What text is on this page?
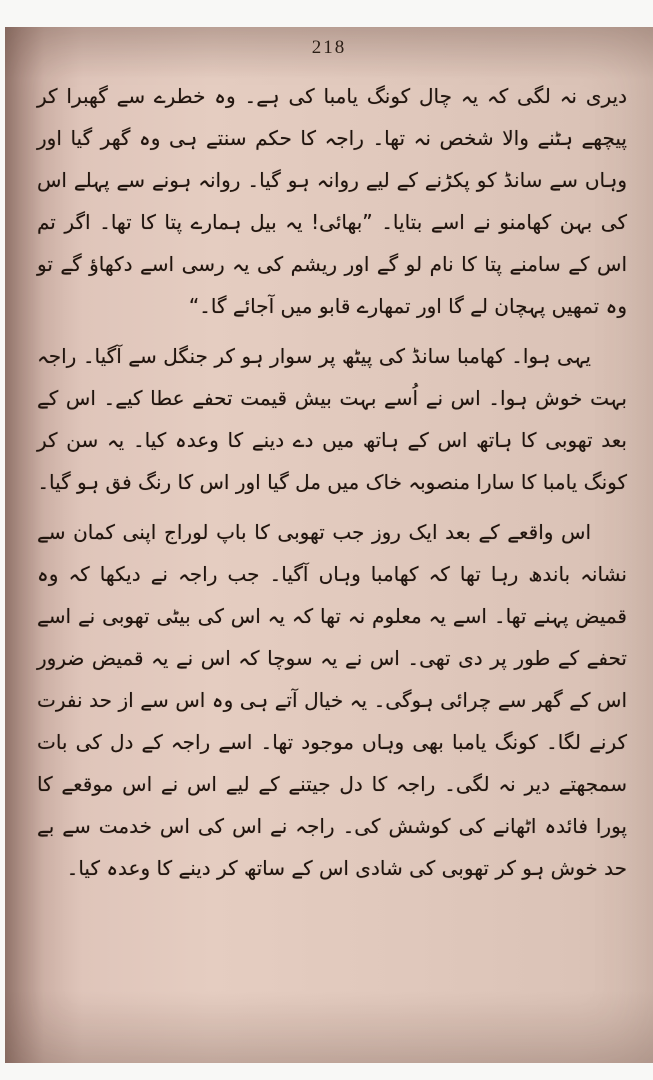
218

دیری نہ لگی کہ یہ چال کونگ یامبا کی ہے۔ وہ خطرے سے گھبرا کر پیچھے ہٹنے والا شخص نہ تھا۔ راجہ کا حکم سنتے ہی وہ گھر گیا اور وہاں سے سانڈ کو پکڑنے کے لیے روانہ ہو گیا۔ روانہ ہونے سے پہلے اس کی بہن کھامنو نے اسے بتایا۔ ”بھائی! یہ بیل ہمارے پتا کا تھا۔ اگر تم اس کے سامنے پتا کا نام لو گے اور ریشم کی یہ رسی اسے دکھاؤ گے تو وہ تمھیں پہچان لے گا اور تمھارے قابو میں آجائے گا۔“

یہی ہوا۔ کھامبا سانڈ کی پیٹھ پر سوار ہو کر جنگل سے آگیا۔ راجہ بہت خوش ہوا۔ اس نے اُسے بہت بیش قیمت تحفے عطا کیے۔ اس کے بعد تھوبی کا ہاتھ اس کے ہاتھ میں دے دینے کا وعدہ کیا۔ یہ سن کر کونگ یامبا کا سارا منصوبہ خاک میں مل گیا اور اس کا رنگ فق ہو گیا۔

اس واقعے کے بعد ایک روز جب تھوبی کا باپ لوراج اپنی کمان سے نشانہ باندھ رہا تھا کہ کھامبا وہاں آگیا۔ جب راجہ نے دیکھا کہ وہ قمیض پہنے تھا۔ اسے یہ معلوم نہ تھا کہ یہ اس کی بیٹی تھوبی نے اسے تحفے کے طور پر دی تھی۔ اس نے یہ سوچا کہ اس نے یہ قمیض ضرور اس کے گھر سے چرائی ہوگی۔ یہ خیال آتے ہی وہ اس سے از حد نفرت کرنے لگا۔ کونگ یامبا بھی وہاں موجود تھا۔ اسے راجہ کے دل کی بات سمجھتے دیر نہ لگی۔ راجہ کا دل جیتنے کے لیے اس نے اس موقعے کا پورا فائدہ اٹھانے کی کوشش کی۔ راجہ نے اس کی اس خدمت سے بے حد خوش ہو کر تھوبی کی شادی اس کے ساتھ کر دینے کا وعدہ کیا۔
